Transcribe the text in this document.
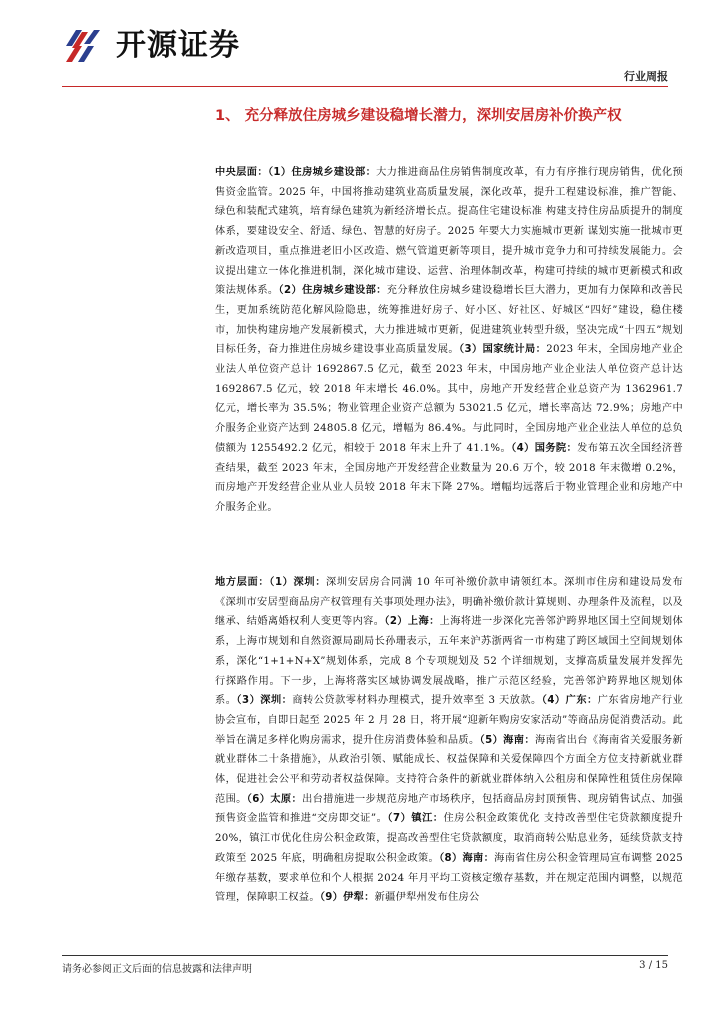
开源证券
行业周报
1、 充分释放住房城乡建设稳增长潜力，深圳安居房补价换产权
中央层面：（1）住房城乡建设部：大力推进商品住房销售制度改革，有力有序推行现房销售，优化预售资金监管。2025 年，中国将推动建筑业高质量发展，深化改革，提升工程建设标准，推广智能、绿色和装配式建筑，培育绿色建筑为新经济增长点。提高住宅建设标准 构建支持住房品质提升的制度体系，要建设安全、舒适、绿色、智慧的好房子。2025 年要大力实施城市更新 谋划实施一批城市更新改造项目，重点推进老旧小区改造、燃气管道更新等项目，提升城市竞争力和可持续发展能力。会议提出建立一体化推进机制，深化城市建设、运营、治理体制改革，构建可持续的城市更新模式和政策法规体系。（2）住房城乡建设部：充分释放住房城乡建设稳增长巨大潜力，更加有力保障和改善民生，更加系统防范化解风险隐患，统筹推进好房子、好小区、好社区、好城区“四好”建设，稳住楼市，加快构建房地产发展新模式，大力推进城市更新，促进建筑业转型升级，坚决完成“十四五”规划目标任务，奋力推进住房城乡建设事业高质量发展。（3）国家统计局：2023 年末，全国房地产业企业法人单位资产总计 1692867.5 亿元，截至 2023 年末，中国房地产业企业法人单位资产总计达 1692867.5 亿元，较 2018 年末增长 46.0%。其中，房地产开发经营企业总资产为 1362961.7 亿元，增长率为 35.5%；物业管理企业资产总额为 53021.5 亿元，增长率高达 72.9%；房地产中介服务企业资产达到 24805.8 亿元，增幅为 86.4%。与此同时，全国房地产业企业法人单位的总负债额为 1255492.2 亿元，相较于 2018 年末上升了 41.1%。（4）国务院：发布第五次全国经济普查结果，截至 2023 年末，全国房地产开发经营企业数量为 20.6 万个，较 2018 年末微增 0.2%，而房地产开发经营企业从业人员较 2018 年末下降 27%。增幅均远落后于物业管理企业和房地产中介服务企业。
地方层面：（1）深圳：深圳安居房合同满 10 年可补缴价款申请领红本。深圳市住房和建设局发布《深圳市安居型商品房产权管理有关事项处理办法》，明确补缴价款计算规则、办理条件及流程，以及继承、结婚离婚权利人变更等内容。（2）上海：上海将进一步深化完善邻沪跨界地区国土空间规划体系，上海市规划和自然资源局副局长孙珊表示，五年来沪苏浙两省一市构建了跨区域国土空间规划体系，深化“1+1+N+X”规划体系，完成 8 个专项规划及 52 个详细规划，支撑高质量发展并发挥先行探路作用。下一步，上海将落实区域协调发展战略，推广示范区经验，完善邻沪跨界地区规划体系。（3）深圳：商转公贷款零材料办理模式，提升效率至 3 天放款。（4）广东：广东省房地产行业协会宣布，自即日起至 2025 年 2 月 28 日，将开展“迎新年购房安家活动”等商品房促消费活动。此举旨在满足多样化购房需求，提升住房消费体验和品质。（5）海南：海南省出台《海南省关爱服务新就业群体二十条措施》，从政治引领、赋能成长、权益保障和关爱保障四个方面全方位支持新就业群体，促进社会公平和劳动者权益保障。支持符合条件的新就业群体纳入公租房和保障性租赁住房保障范围。（6）太原：出台措施进一步规范房地产市场秩序，包括商品房封顶预售、现房销售试点、加强预售资金监管和推进“交房即交证”。（7）镇江：住房公积金政策优化 支持改善型住宅贷款额度提升 20%，镇江市优化住房公积金政策，提高改善型住宅贷款额度，取消商转公贴息业务，延续贷款支持政策至 2025 年底，明确租房提取公积金政策。（8）海南：海南省住房公积金管理局宣布调整 2025 年缴存基数，要求单位和个人根据 2024 年月平均工资核定缴存基数，并在规定范围内调整，以规范管理，保障职工权益。（9）伊犁：新疆伊犁州发布住房公
请务必参阅正文后面的信息披露和法律声明	3 / 15
